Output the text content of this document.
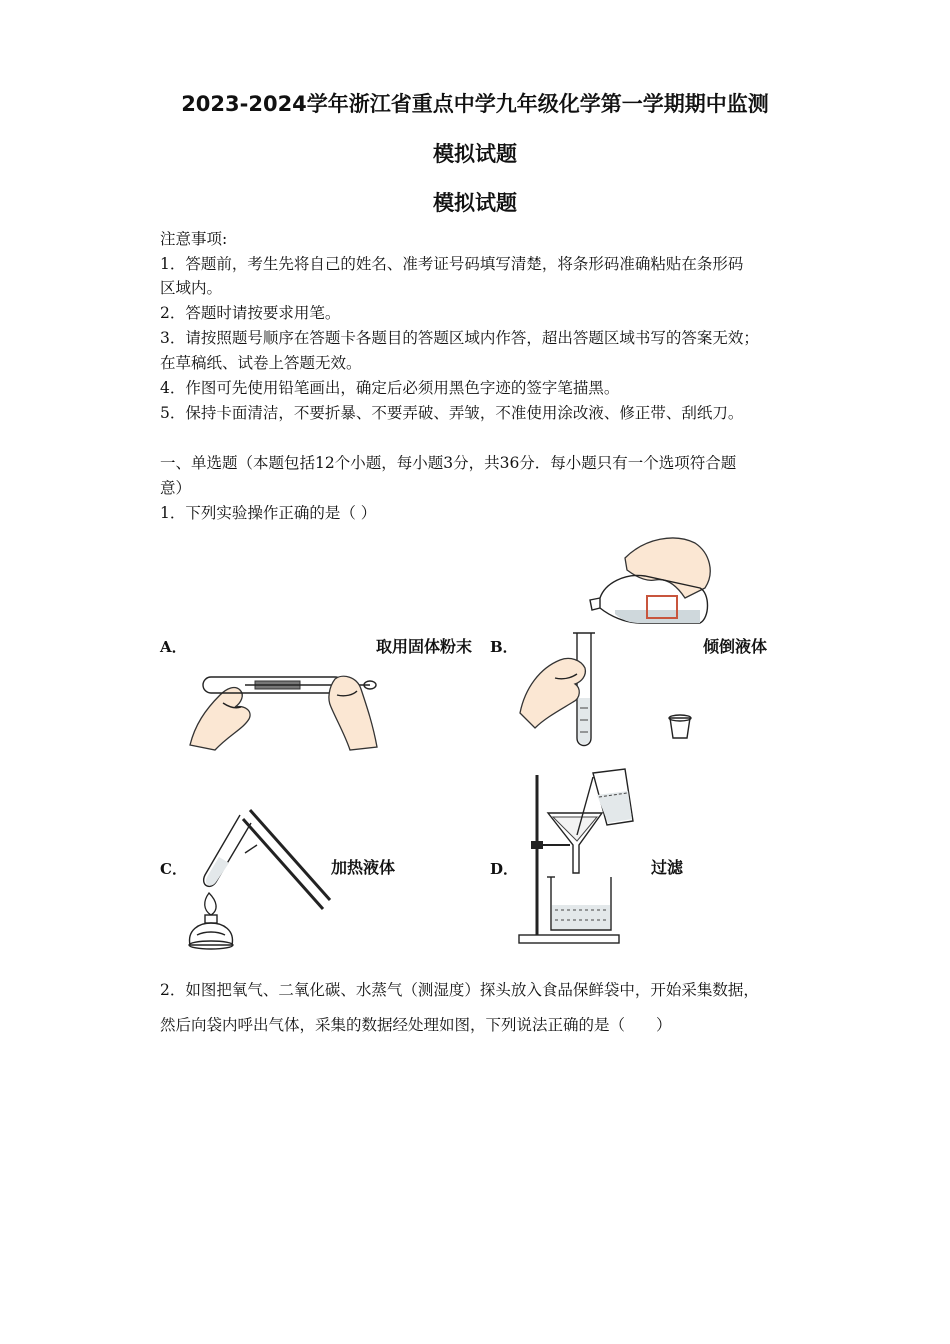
2023-2024学年浙江省重点中学九年级化学第一学期期中监测
模拟试题
模拟试题
注意事项:
1．答题前，考生先将自己的姓名、准考证号码填写清楚，将条形码准确粘贴在条形码
区域内。
2．答题时请按要求用笔。
3．请按照题号顺序在答题卡各题目的答题区域内作答，超出答题区域书写的答案无效；
在草稿纸、试卷上答题无效。
4．作图可先使用铅笔画出，确定后必须用黑色字迹的签字笔描黑。
5．保持卡面清洁，不要折暴、不要弄破、弄皱，不准使用涂改液、修正带、刮纸刀。
一、单选题（本题包括12个小题，每小题3分，共36分．每小题只有一个选项符合题
意）
1．下列实验操作正确的是（ ）
A．	取用固体粉末 B．	倾倒液体
C．	加热液体	D．	过滤
2．如图把氧气、二氧化碳、水蒸气（测湿度）探头放入食品保鲜袋中，开始采集数据，
然后向袋内呼出气体，采集的数据经处理如图，下列说法正确的是（　　）
